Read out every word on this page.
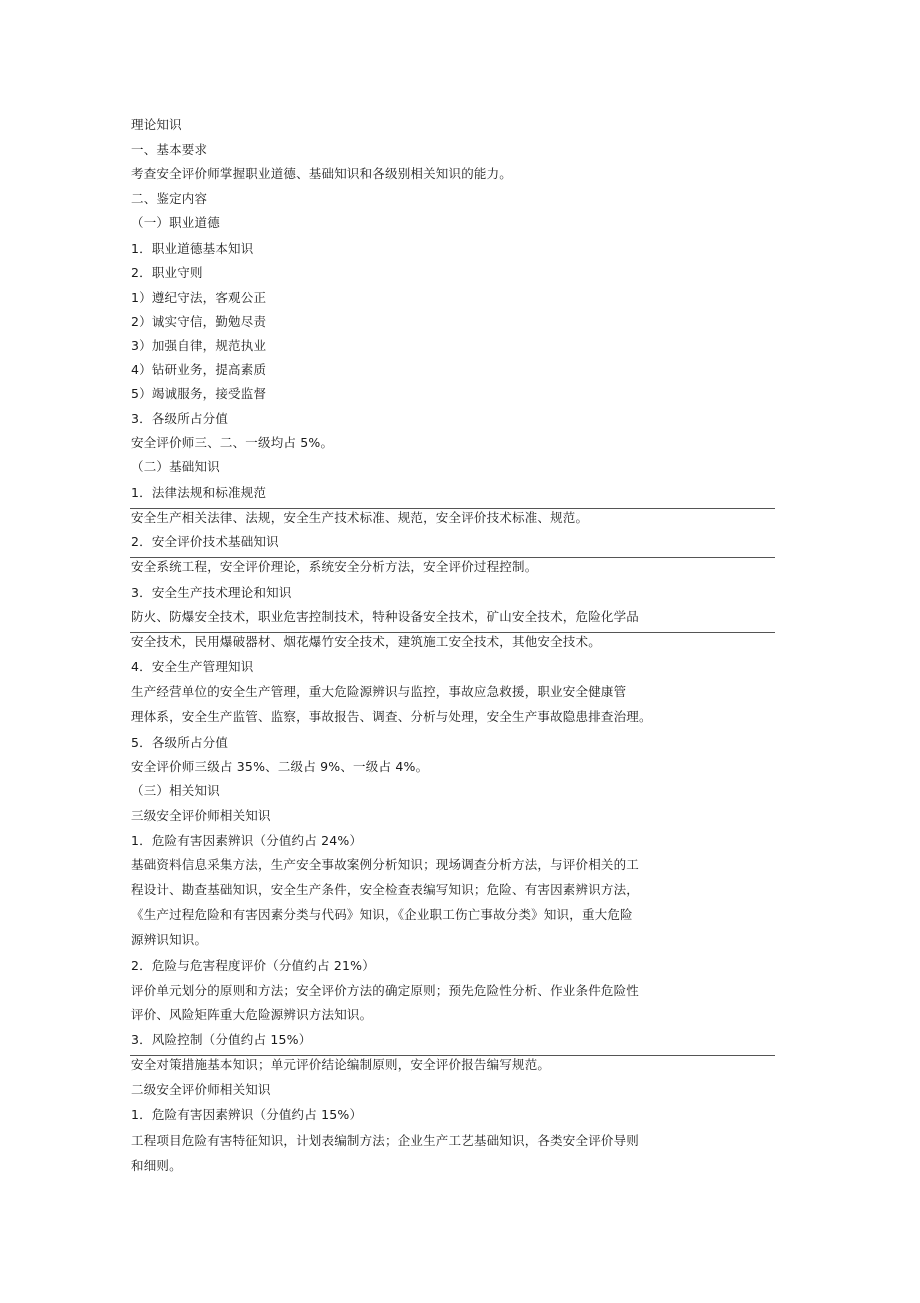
理论知识
一、基本要求
考查安全评价师掌握职业道德、基础知识和各级别相关知识的能力。
二、鉴定内容
（一）职业道德
1．职业道德基本知识
2．职业守则
1）遵纪守法，客观公正
2）诚实守信，勤勉尽责
3）加强自律，规范执业
4）钻研业务，提高素质
5）竭诚服务，接受监督
3．各级所占分值
安全评价师三、二、一级均占 5%。
（二）基础知识
1．法律法规和标准规范
安全生产相关法律、法规，安全生产技术标准、规范，安全评价技术标准、规范。
2．安全评价技术基础知识
安全系统工程，安全评价理论，系统安全分析方法，安全评价过程控制。
3．安全生产技术理论和知识
防火、防爆安全技术，职业危害控制技术，特种设备安全技术，矿山安全技术，危险化学品
安全技术，民用爆破器材、烟花爆竹安全技术，建筑施工安全技术，其他安全技术。
4．安全生产管理知识
生产经营单位的安全生产管理，重大危险源辨识与监控，事故应急救援，职业安全健康管
理体系，安全生产监管、监察，事故报告、调查、分析与处理，安全生产事故隐患排查治理。
5．各级所占分值
安全评价师三级占 35%、二级占 9%、一级占 4%。
（三）相关知识
三级安全评价师相关知识
1．危险有害因素辨识（分值约占 24%）
基础资料信息采集方法，生产安全事故案例分析知识；现场调查分析方法，与评价相关的工
程设计、勘查基础知识，安全生产条件，安全检查表编写知识；危险、有害因素辨识方法，
《生产过程危险和有害因素分类与代码》知识，《企业职工伤亡事故分类》知识，重大危险
源辨识知识。
2．危险与危害程度评价（分值约占 21%）
评价单元划分的原则和方法；安全评价方法的确定原则；预先危险性分析、作业条件危险性
评价、风险矩阵重大危险源辨识方法知识。
3．风险控制（分值约占 15%）
安全对策措施基本知识；单元评价结论编制原则，安全评价报告编写规范。
二级安全评价师相关知识
1．危险有害因素辨识（分值约占 15%）
工程项目危险有害特征知识，计划表编制方法；企业生产工艺基础知识，各类安全评价导则
和细则。
